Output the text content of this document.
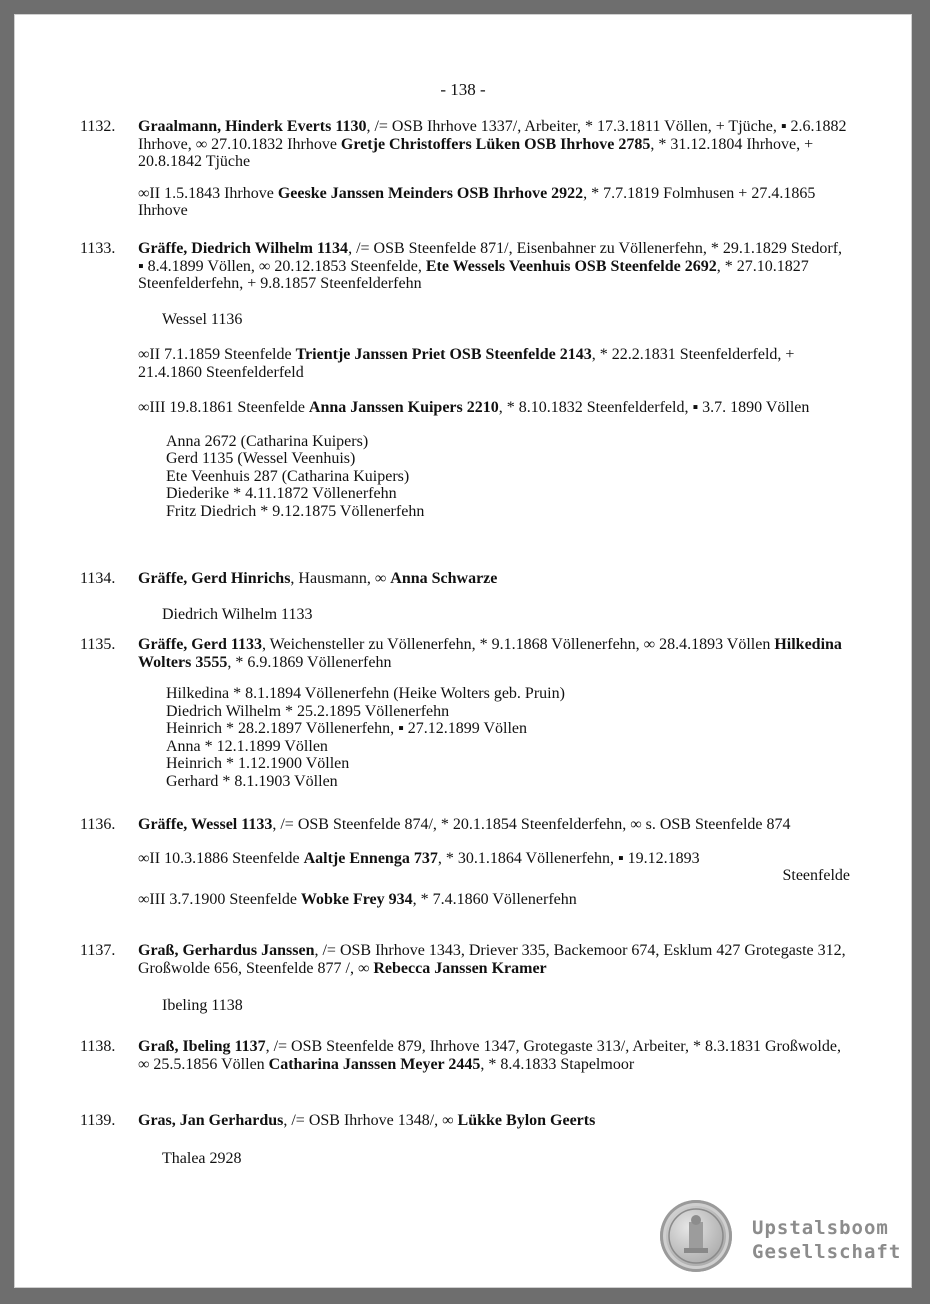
- 138 -
1132.	Graalmann, Hinderk Everts 1130, /= OSB Ihrhove 1337/, Arbeiter, * 17.3.1811 Völlen, + Tjüche, ▪ 2.6.1882 Ihrhove, ∞ 27.10.1832 Ihrhove Gretje Christoffers Lüken OSB Ihrhove 2785, * 31.12.1804 Ihrhove, + 20.8.1842 Tjüche
∞II 1.5.1843 Ihrhove Geeske Janssen Meinders OSB Ihrhove 2922, * 7.7.1819 Folmhusen + 27.4.1865 Ihrhove
1133.	Gräffe, Diedrich Wilhelm 1134, /= OSB Steenfelde 871/, Eisenbahner zu Völlenerfehn, * 29.1.1829 Stedorf, ▪ 8.4.1899 Völlen, ∞ 20.12.1853 Steenfelde, Ete Wessels Veenhuis OSB Steenfelde 2692, * 27.10.1827 Steenfelderfehn, + 9.8.1857 Steenfelderfehn
Wessel 1136
∞II 7.1.1859 Steenfelde Trientje Janssen Priet OSB Steenfelde 2143, * 22.2.1831 Steenfelderfeld, + 21.4.1860 Steenfelderfeld
∞III 19.8.1861 Steenfelde Anna Janssen Kuipers 2210, * 8.10.1832 Steenfelderfeld, ▪ 3.7. 1890 Völlen
Anna 2672 (Catharina Kuipers)
Gerd 1135 (Wessel Veenhuis)
Ete Veenhuis 287 (Catharina Kuipers)
Diederike * 4.11.1872 Völlenerfehn
Fritz Diedrich * 9.12.1875 Völlenerfehn
1134.	Gräffe, Gerd Hinrichs, Hausmann, ∞ Anna Schwarze
Diedrich Wilhelm 1133
1135.	Gräffe, Gerd 1133, Weichensteller zu Völlenerfehn, * 9.1.1868 Völlenerfehn, ∞ 28.4.1893 Völlen Hilkedina Wolters 3555, * 6.9.1869 Völlenerfehn
Hilkedina * 8.1.1894 Völlenerfehn (Heike Wolters geb. Pruin)
Diedrich Wilhelm * 25.2.1895 Völlenerfehn
Heinrich * 28.2.1897 Völlenerfehn, ▪ 27.12.1899 Völlen
Anna * 12.1.1899 Völlen
Heinrich * 1.12.1900 Völlen
Gerhard * 8.1.1903 Völlen
1136.	Gräffe, Wessel 1133, /= OSB Steenfelde 874/, * 20.1.1854 Steenfelderfehn, ∞ s. OSB Steenfelde 874
∞II 10.3.1886 Steenfelde Aaltje Ennenga 737, * 30.1.1864 Völlenerfehn, ▪ 19.12.1893
Steenfelde
∞III 3.7.1900 Steenfelde Wobke Frey 934, * 7.4.1860 Völlenerfehn
1137.	Graß, Gerhardus Janssen, /= OSB Ihrhove 1343, Driever 335, Backemoor 674, Esklum 427 Grotegaste 312, Großwolde 656, Steenfelde 877 /, ∞ Rebecca Janssen Kramer
Ibeling 1138
1138.	Graß, Ibeling 1137, /= OSB Steenfelde 879, Ihrhove 1347, Grotegaste 313/, Arbeiter, * 8.3.1831 Großwolde, ∞ 25.5.1856 Völlen Catharina Janssen Meyer 2445, * 8.4.1833 Stapelmoor
1139.	Gras, Jan Gerhardus, /= OSB Ihrhove 1348/, ∞ Lükke Bylon Geerts
Thalea 2928
Upstalsboom
Gesellschaft
